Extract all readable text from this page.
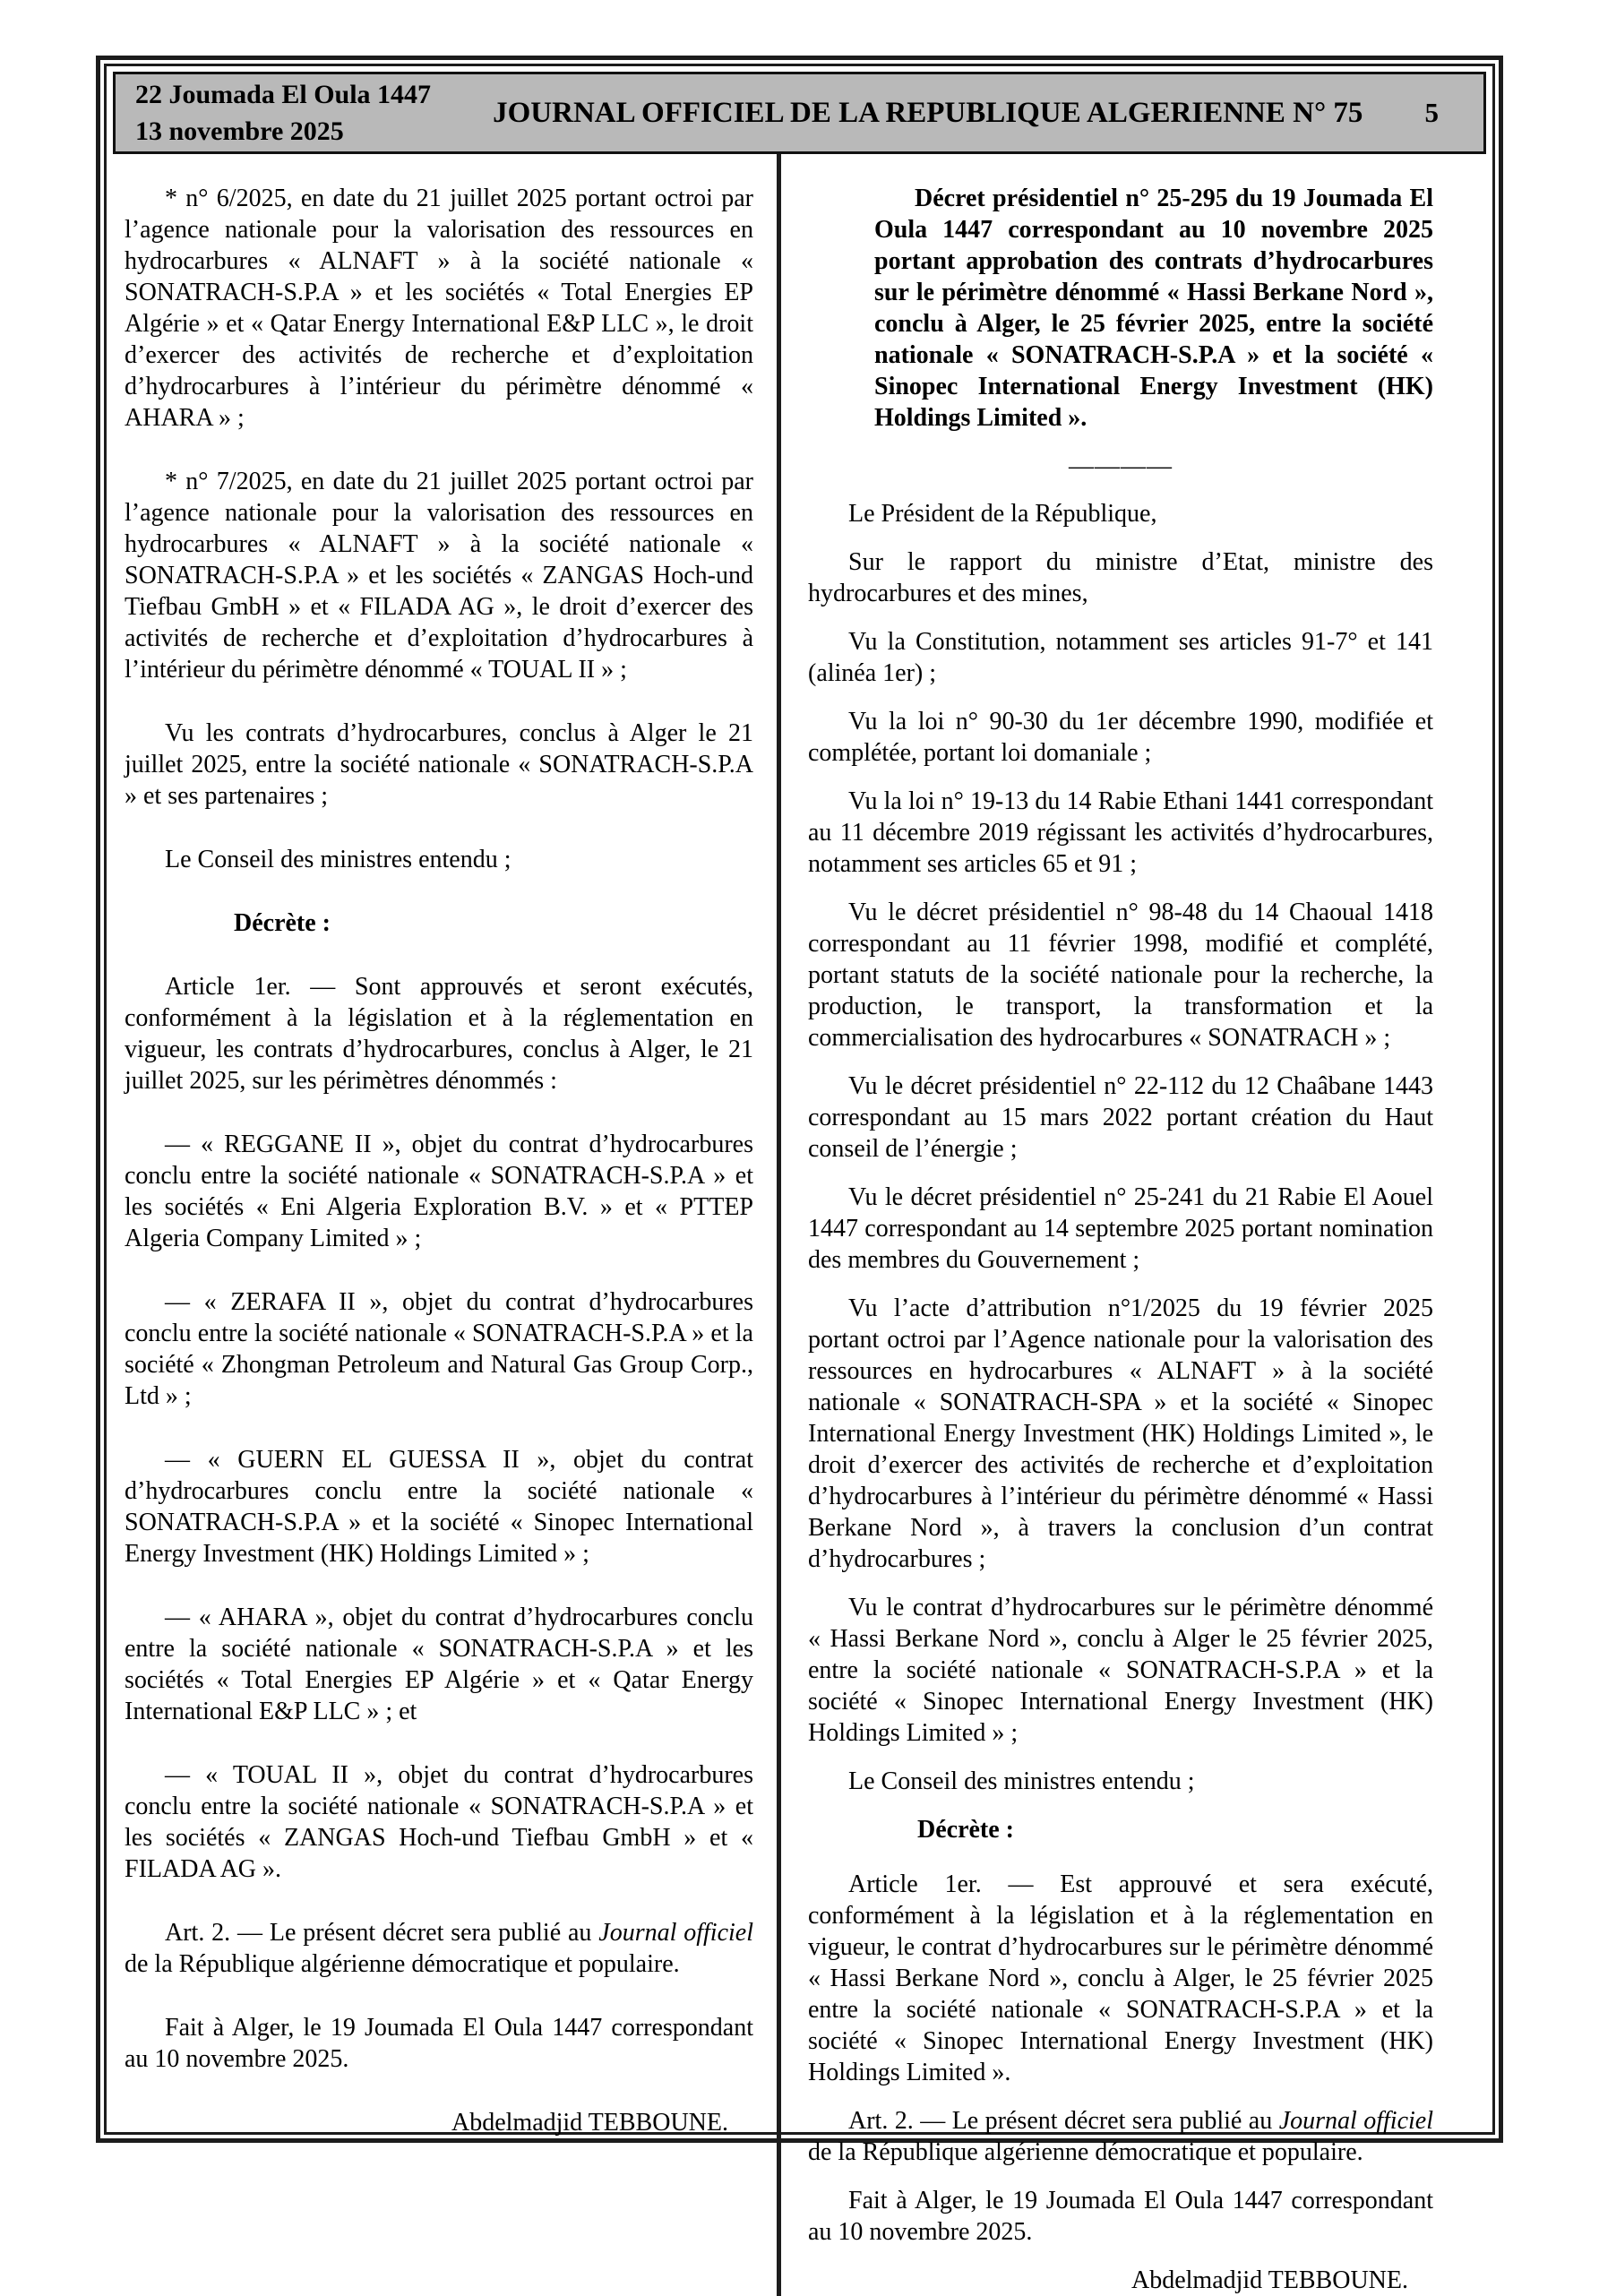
22 Joumada El Oula 1447
13 novembre 2025
JOURNAL OFFICIEL DE LA REPUBLIQUE ALGERIENNE N° 75	5

* n° 6/2025, en date du 21 juillet 2025 portant octroi par l’agence nationale pour la valorisation des ressources en hydrocarbures « ALNAFT » à la société nationale « SONATRACH-S.P.A » et les sociétés « Total Energies EP Algérie » et « Qatar Energy International E&P LLC », le droit d’exercer des activités de recherche et d’exploitation d’hydrocarbures à l’intérieur du périmètre dénommé « AHARA » ;

* n° 7/2025, en date du 21 juillet 2025 portant octroi par l’agence nationale pour la valorisation des ressources en hydrocarbures « ALNAFT » à la société nationale « SONATRACH-S.P.A » et les sociétés « ZANGAS Hoch-und Tiefbau GmbH » et « FILADA AG », le droit d’exercer des activités de recherche et d’exploitation d’hydrocarbures à l’intérieur du périmètre dénommé « TOUAL II » ;

Vu les contrats d’hydrocarbures, conclus à Alger le 21 juillet 2025, entre la société nationale « SONATRACH-S.P.A » et ses partenaires ;

Le Conseil des ministres entendu ;

Décrète :

Article 1er. — Sont approuvés et seront exécutés, conformément à la législation et à la réglementation en vigueur, les contrats d’hydrocarbures, conclus à Alger, le 21 juillet 2025, sur les périmètres dénommés :

— « REGGANE II », objet du contrat d’hydrocarbures conclu entre la société nationale « SONATRACH-S.P.A » et les sociétés « Eni Algeria Exploration B.V. » et « PTTEP Algeria Company Limited » ;

— « ZERAFA II », objet du contrat d’hydrocarbures conclu entre la société nationale « SONATRACH-S.P.A » et la société « Zhongman Petroleum and Natural Gas Group Corp., Ltd » ;

— « GUERN EL GUESSA II », objet du contrat d’hydrocarbures conclu entre la société nationale « SONATRACH-S.P.A » et la société « Sinopec International Energy Investment (HK) Holdings Limited » ;

— « AHARA », objet du contrat d’hydrocarbures conclu entre la société nationale « SONATRACH-S.P.A » et les sociétés « Total Energies EP Algérie » et « Qatar Energy International E&P LLC » ; et

— « TOUAL II », objet du contrat d’hydrocarbures conclu entre la société nationale « SONATRACH-S.P.A » et les sociétés « ZANGAS Hoch-und Tiefbau GmbH » et « FILADA AG ».

Art. 2. — Le présent décret sera publié au Journal officiel de la République algérienne démocratique et populaire.

Fait à Alger, le 19 Joumada El Oula 1447 correspondant au 10 novembre 2025.

Abdelmadjid TEBBOUNE.

Décret présidentiel n° 25-295 du 19 Joumada El Oula 1447 correspondant au 10 novembre 2025 portant approbation des contrats d’hydrocarbures sur le périmètre dénommé « Hassi Berkane Nord », conclu à Alger, le 25 février 2025, entre la société nationale « SONATRACH-S.P.A » et la société « Sinopec International Energy Investment (HK) Holdings Limited ».

————

Le Président de la République,

Sur le rapport du ministre d’Etat, ministre des hydrocarbures et des mines,

Vu la Constitution, notamment ses articles 91-7° et 141 (alinéa 1er) ;

Vu la loi n° 90-30 du 1er décembre 1990, modifiée et complétée, portant loi domaniale ;

Vu la loi n° 19-13 du 14 Rabie Ethani 1441 correspondant au 11 décembre 2019 régissant les activités d’hydrocarbures, notamment ses articles 65 et 91 ;

Vu le décret présidentiel n° 98-48 du 14 Chaoual 1418 correspondant au 11 février 1998, modifié et complété, portant statuts de la société nationale pour la recherche, la production, le transport, la transformation et la commercialisation des hydrocarbures « SONATRACH » ;

Vu le décret présidentiel n° 22-112 du 12 Chaâbane 1443 correspondant au 15 mars 2022 portant création du Haut conseil de l’énergie ;

Vu le décret présidentiel n° 25-241 du 21 Rabie El Aouel 1447 correspondant au 14 septembre 2025 portant nomination des membres du Gouvernement ;

Vu l’acte d’attribution n°1/2025 du 19 février 2025 portant octroi par l’Agence nationale pour la valorisation des ressources en hydrocarbures « ALNAFT » à la société nationale « SONATRACH-SPA » et la société « Sinopec International Energy Investment (HK) Holdings Limited », le droit d’exercer des activités de recherche et d’exploitation d’hydrocarbures à l’intérieur du périmètre dénommé « Hassi Berkane Nord », à travers la conclusion d’un contrat d’hydrocarbures ;

Vu le contrat d’hydrocarbures sur le périmètre dénommé « Hassi Berkane Nord », conclu à Alger le 25 février 2025, entre la société nationale « SONATRACH-S.P.A » et la société « Sinopec International Energy Investment (HK) Holdings Limited » ;

Le Conseil des ministres entendu ;

Décrète :

Article 1er. — Est approuvé et sera exécuté, conformément à la législation et à la réglementation en vigueur, le contrat d’hydrocarbures sur le périmètre dénommé « Hassi Berkane Nord », conclu à Alger, le 25 février 2025 entre la société nationale « SONATRACH-S.P.A » et la société « Sinopec International Energy Investment (HK) Holdings Limited ».

Art. 2. — Le présent décret sera publié au Journal officiel de la République algérienne démocratique et populaire.

Fait à Alger, le 19 Joumada El Oula 1447 correspondant au 10 novembre 2025.

Abdelmadjid TEBBOUNE.
